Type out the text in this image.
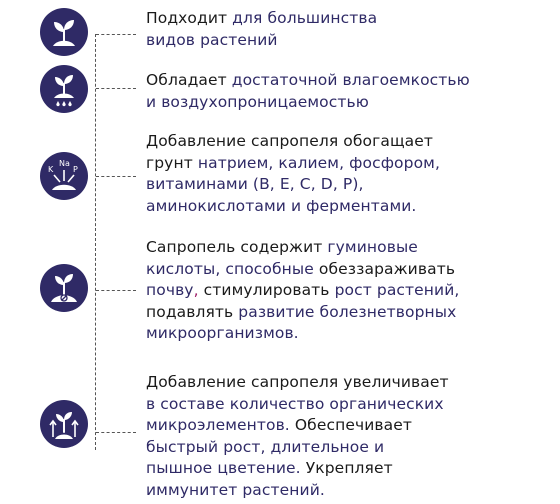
K
Na
P
Подходит для большинства
видов растений
Обладает достаточной влагоемкостью
и воздухопроницаемостью
Добавление сапропеля обогащает
грунт натрием, калием, фосфором,
витаминами (B, E, C, D, P),
аминокислотами и ферментами.
Сапропель содержит гуминовые
кислоты, способные обеззараживать
почву, стимулировать рост растений,
подавлять развитие болезнетворных
микроорганизмов.
Добавление сапропеля увеличивает
в составе количество органических
микроэлементов. Обеспечивает
быстрый рост, длительное и
пышное цветение. Укрепляет
иммунитет растений.
